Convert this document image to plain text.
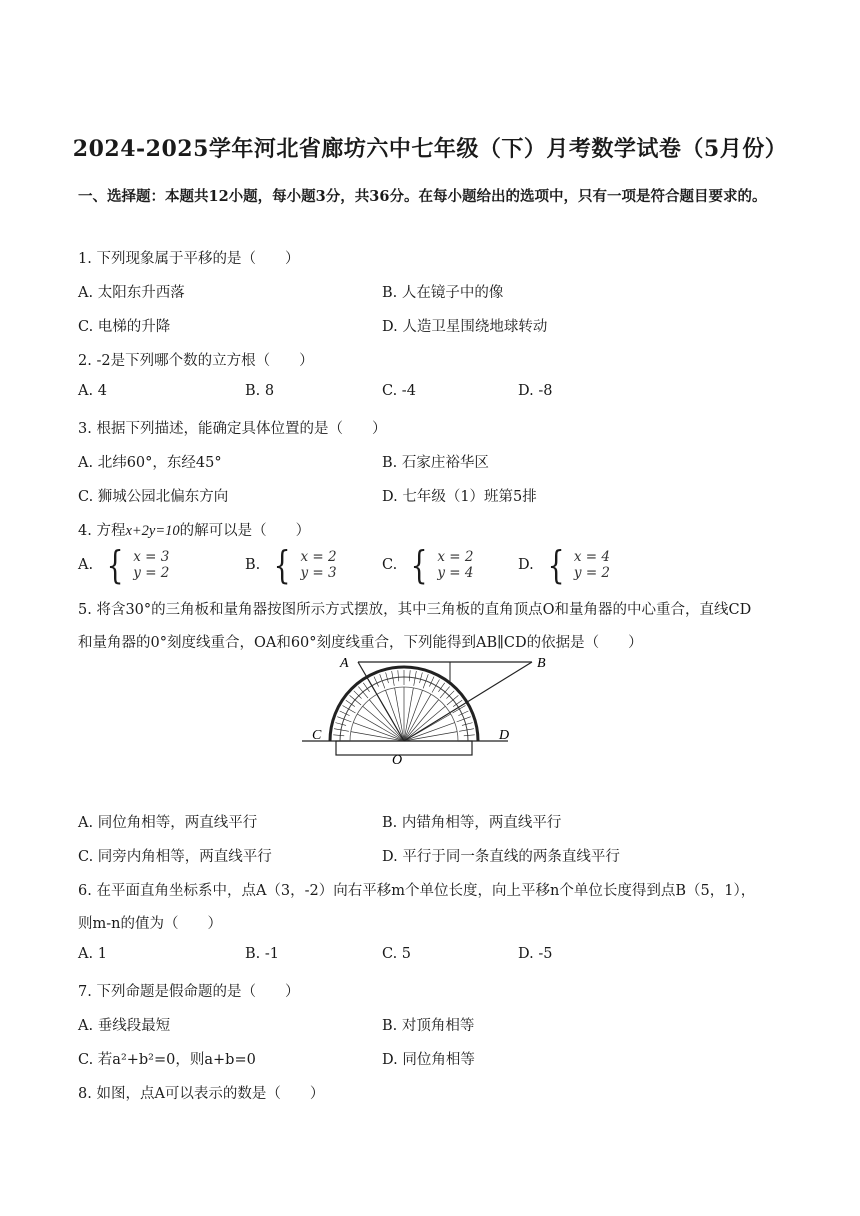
2024-2025学年河北省廊坊六中七年级（下）月考数学试卷（5月份）
一、选择题：本题共12小题，每小题3分，共36分。在每小题给出的选项中，只有一项是符合题目要求的。
1. 下列现象属于平移的是（　　）
A. 太阳东升西落	B. 人在镜子中的像
C. 电梯的升降	D. 人造卫星围绕地球转动
2. -2是下列哪个数的立方根（　　）
A. 4	B. 8	C. -4	D. -8
3. 根据下列描述，能确定具体位置的是（　　）
A. 北纬60°，东经45°	B. 石家庄裕华区
C. 狮城公园北偏东方向	D. 七年级（1）班第5排
4. 方程x+2y=10的解可以是（　　）
A. { x = 3
y = 2	B. { x = 2
y = 3	C. { x = 2
y = 4	D. { x = 4
y = 2
5. 将含30°的三角板和量角器按图所示方式摆放，其中三角板的直角顶点O和量角器的中心重合，直线CD
和量角器的0°刻度线重合，OA和60°刻度线重合，下列能得到AB∥CD的依据是（　　）
A	B
C	D
O
A. 同位角相等，两直线平行	B. 内错角相等，两直线平行
C. 同旁内角相等，两直线平行	D. 平行于同一条直线的两条直线平行
6. 在平面直角坐标系中，点A（3，-2）向右平移m个单位长度，向上平移n个单位长度得到点B（5，1），
则m-n的值为（　　）
A. 1	B. -1	C. 5	D. -5
7. 下列命题是假命题的是（　　）
A. 垂线段最短	B. 对顶角相等
C. 若a²+b²=0，则a+b=0	D. 同位角相等
8. 如图，点A可以表示的数是（　　）
